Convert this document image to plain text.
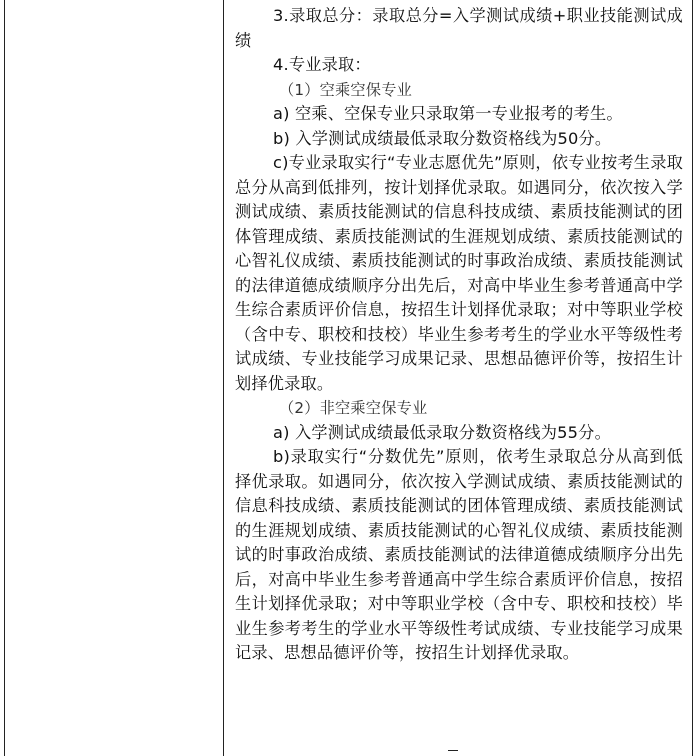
3.录取总分：录取总分=入学测试成绩+职业技能测试成绩

4.专业录取：

（1）空乘空保专业

a) 空乘、空保专业只录取第一专业报考的考生。

b) 入学测试成绩最低录取分数资格线为50分。

c)专业录取实行“专业志愿优先”原则，依专业按考生录取总分从高到低排列，按计划择优录取。如遇同分，依次按入学测试成绩、素质技能测试的信息科技成绩、素质技能测试的团体管理成绩、素质技能测试的生涯规划成绩、素质技能测试的心智礼仪成绩、素质技能测试的时事政治成绩、素质技能测试的法律道德成绩顺序分出先后，对高中毕业生参考普通高中学生综合素质评价信息，按招生计划择优录取；对中等职业学校（含中专、职校和技校）毕业生参考考生的学业水平等级性考试成绩、专业技能学习成果记录、思想品德评价等，按招生计划择优录取。

（2）非空乘空保专业

a) 入学测试成绩最低录取分数资格线为55分。

b)录取实行“分数优先”原则，依考生录取总分从高到低择优录取。如遇同分，依次按入学测试成绩、素质技能测试的信息科技成绩、素质技能测试的团体管理成绩、素质技能测试的生涯规划成绩、素质技能测试的心智礼仪成绩、素质技能测试的时事政治成绩、素质技能测试的法律道德成绩顺序分出先后，对高中毕业生参考普通高中学生综合素质评价信息，按招生计划择优录取；对中等职业学校（含中专、职校和技校）毕业生参考考生的学业水平等级性考试成绩、专业技能学习成果记录、思想品德评价等，按招生计划择优录取。
